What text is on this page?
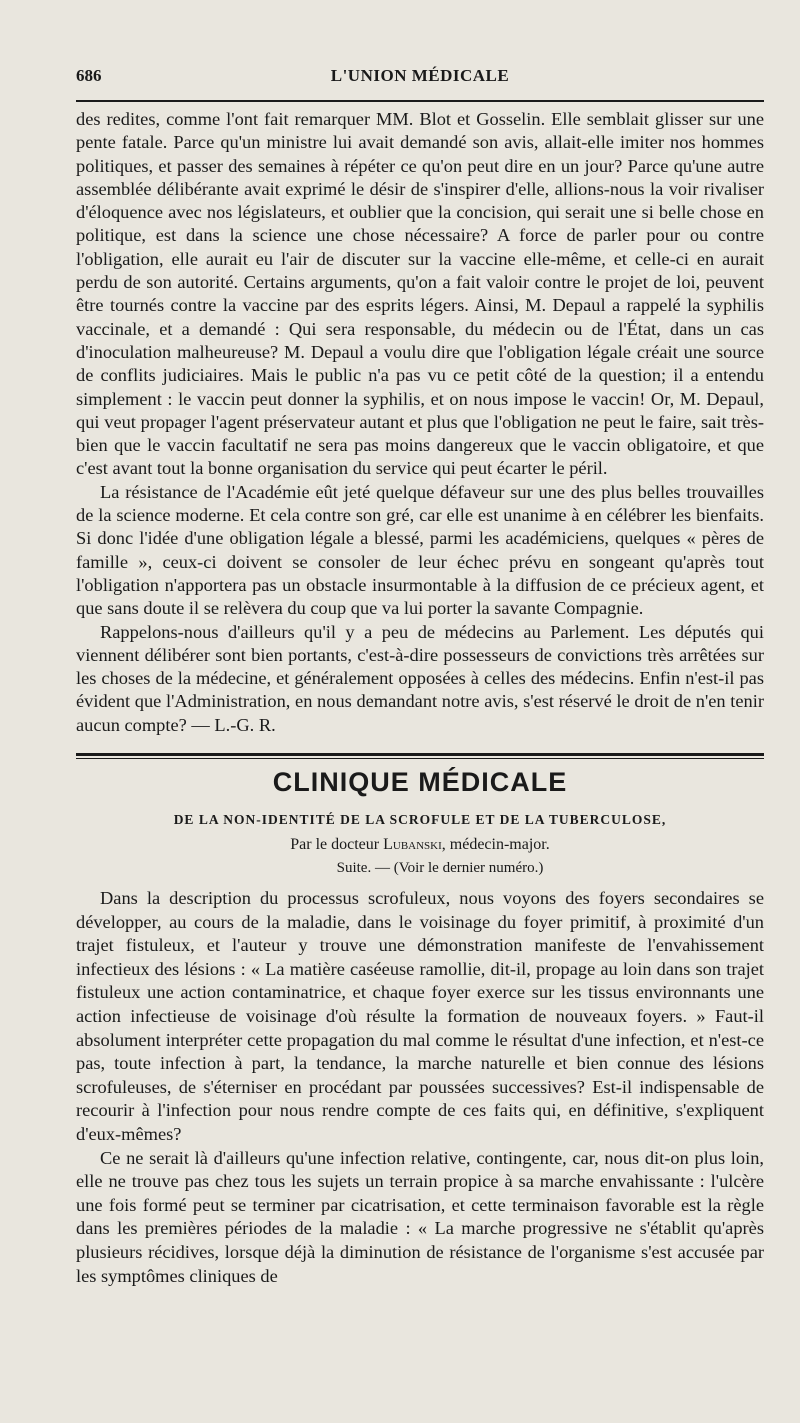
686	L'UNION MÉDICALE

des redites, comme l'ont fait remarquer MM. Blot et Gosselin. Elle semblait glisser sur une pente fatale. Parce qu'un ministre lui avait demandé son avis, allait-elle imiter nos hommes politiques, et passer des semaines à répéter ce qu'on peut dire en un jour? Parce qu'une autre assemblée délibérante avait exprimé le désir de s'inspirer d'elle, allions-nous la voir rivaliser d'éloquence avec nos législateurs, et oublier que la concision, qui serait une si belle chose en politique, est dans la science une chose nécessaire? A force de parler pour ou contre l'obligation, elle aurait eu l'air de discuter sur la vaccine elle-même, et celle-ci en aurait perdu de son autorité. Certains arguments, qu'on a fait valoir contre le projet de loi, peuvent être tournés contre la vaccine par des esprits légers. Ainsi, M. Depaul a rappelé la syphilis vaccinale, et a demandé : Qui sera responsable, du médecin ou de l'État, dans un cas d'inoculation malheureuse? M. Depaul a voulu dire que l'obligation légale créait une source de conflits judiciaires. Mais le public n'a pas vu ce petit côté de la question; il a entendu simplement : le vaccin peut donner la syphilis, et on nous impose le vaccin! Or, M. Depaul, qui veut propager l'agent préservateur autant et plus que l'obligation ne peut le faire, sait très-bien que le vaccin facultatif ne sera pas moins dangereux que le vaccin obligatoire, et que c'est avant tout la bonne organisation du service qui peut écarter le péril.

La résistance de l'Académie eût jeté quelque défaveur sur une des plus belles trouvailles de la science moderne. Et cela contre son gré, car elle est unanime à en célébrer les bienfaits. Si donc l'idée d'une obligation légale a blessé, parmi les académiciens, quelques « pères de famille », ceux-ci doivent se consoler de leur échec prévu en songeant qu'après tout l'obligation n'apportera pas un obstacle insurmontable à la diffusion de ce précieux agent, et que sans doute il se relèvera du coup que va lui porter la savante Compagnie.

Rappelons-nous d'ailleurs qu'il y a peu de médecins au Parlement. Les députés qui viennent délibérer sont bien portants, c'est-à-dire possesseurs de convictions très arrêtées sur les choses de la médecine, et généralement opposées à celles des médecins. Enfin n'est-il pas évident que l'Administration, en nous demandant notre avis, s'est réservé le droit de n'en tenir aucun compte? — L.-G. R.

CLINIQUE MÉDICALE
DE LA NON-IDENTITÉ DE LA SCROFULE ET DE LA TUBERCULOSE,
Par le docteur Lubanski, médecin-major.
Suite. — (Voir le dernier numéro.)

Dans la description du processus scrofuleux, nous voyons des foyers secondaires se développer, au cours de la maladie, dans le voisinage du foyer primitif, à proximité d'un trajet fistuleux, et l'auteur y trouve une démonstration manifeste de l'envahissement infectieux des lésions : « La matière caséeuse ramollie, dit-il, propage au loin dans son trajet fistuleux une action contaminatrice, et chaque foyer exerce sur les tissus environnants une action infectieuse de voisinage d'où résulte la formation de nouveaux foyers. » Faut-il absolument interpréter cette propagation du mal comme le résultat d'une infection, et n'est-ce pas, toute infection à part, la tendance, la marche naturelle et bien connue des lésions scrofuleuses, de s'éterniser en procédant par poussées successives? Est-il indispensable de recourir à l'infection pour nous rendre compte de ces faits qui, en définitive, s'expliquent d'eux-mêmes?

Ce ne serait là d'ailleurs qu'une infection relative, contingente, car, nous dit-on plus loin, elle ne trouve pas chez tous les sujets un terrain propice à sa marche envahissante : l'ulcère une fois formé peut se terminer par cicatrisation, et cette terminaison favorable est la règle dans les premières périodes de la maladie : « La marche progressive ne s'établit qu'après plusieurs récidives, lorsque déjà la diminution de résistance de l'organisme s'est accusée par les symptômes cliniques de
